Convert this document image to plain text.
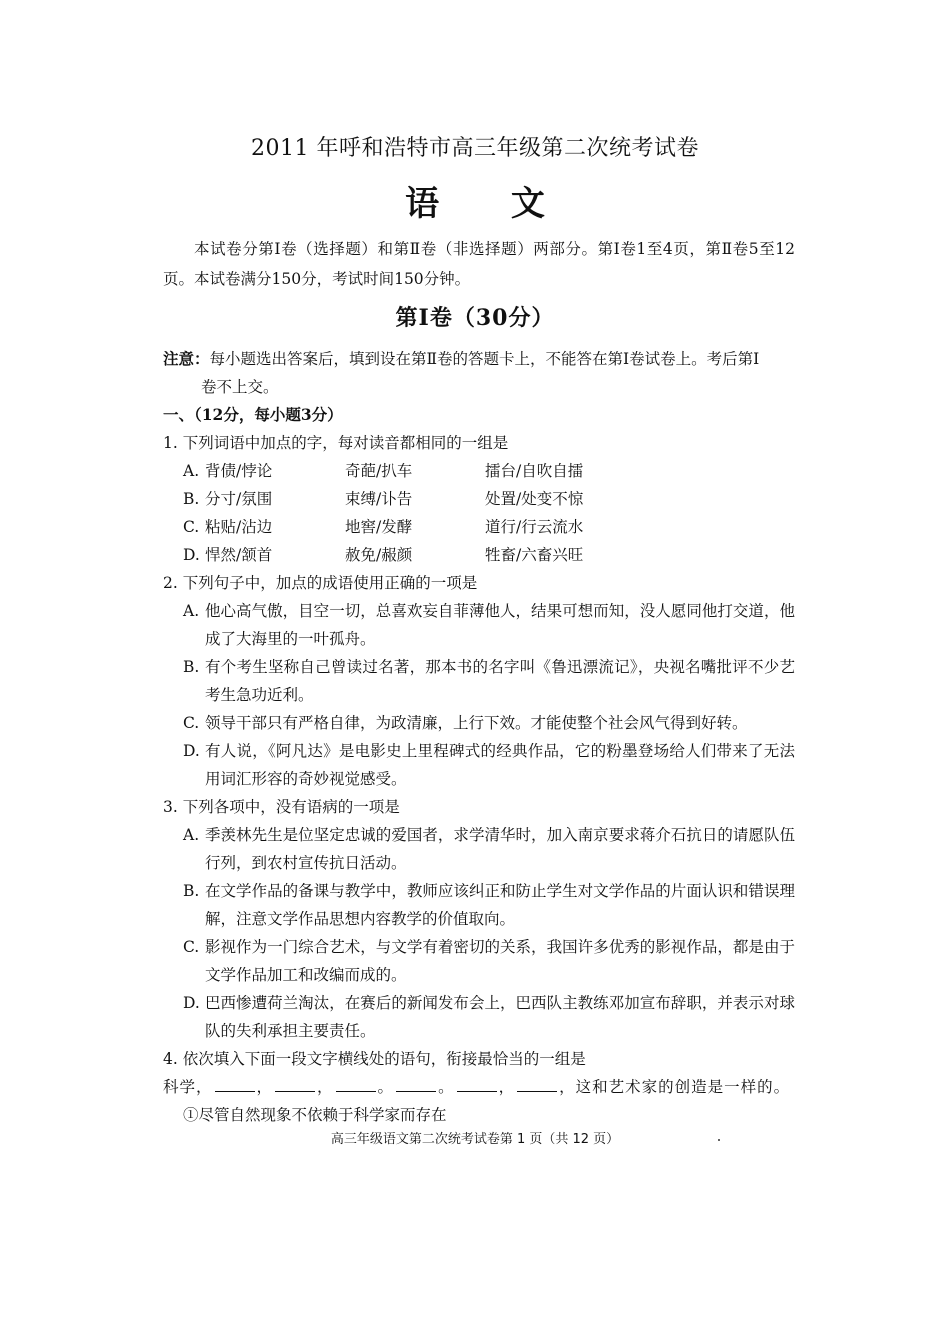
2011 年呼和浩特市高三年级第二次统考试卷
语 文
本试卷分第Ⅰ卷（选择题）和第Ⅱ卷（非选择题）两部分。第Ⅰ卷1至4页，第Ⅱ卷5至12页。本试卷满分150分，考试时间150分钟。
第Ⅰ卷（30分）
注意：每小题选出答案后，填到设在第Ⅱ卷的答题卡上，不能答在第Ⅰ卷试卷上。考后第Ⅰ
卷不上交。
一、（12分，每小题3分）
1. 下列词语中加点的字，每对读音都相同的一组是
A. 背债/悖论	奇葩/扒车	擂台/自吹自擂
B. 分寸/氛围	束缚/讣告	处置/处变不惊
C. 粘贴/沾边	地窖/发酵	道行/行云流水
D. 悍然/颔首	赦免/赧颜	牲畜/六畜兴旺
2. 下列句子中，加点的成语使用正确的一项是
A. 他心高气傲，目空一切，总喜欢妄自菲薄他人，结果可想而知，没人愿同他打交道，他成了大海里的一叶孤舟。
B. 有个考生坚称自己曾读过名著，那本书的名字叫《鲁迅漂流记》，央视名嘴批评不少艺考生急功近利。
C. 领导干部只有严格自律，为政清廉，上行下效。才能使整个社会风气得到好转。
D. 有人说，《阿凡达》是电影史上里程碑式的经典作品，它的粉墨登场给人们带来了无法用词汇形容的奇妙视觉感受。
3. 下列各项中，没有语病的一项是
A. 季羡林先生是位坚定忠诚的爱国者，求学清华时，加入南京要求蒋介石抗日的请愿队伍行列，到农村宣传抗日活动。
B. 在文学作品的备课与教学中，教师应该纠正和防止学生对文学作品的片面认识和错误理解，注意文学作品思想内容教学的价值取向。
C. 影视作为一门综合艺术，与文学有着密切的关系，我国许多优秀的影视作品，都是由于文学作品加工和改编而成的。
D. 巴西惨遭荷兰淘汰，在赛后的新闻发布会上，巴西队主教练邓加宣布辞职，并表示对球队的失利承担主要责任。
4. 依次填入下面一段文字横线处的语句，衔接最恰当的一组是
科学，	，	，	。	。	，	，这和艺术家的创造是一样的。
①尽管自然现象不依赖于科学家而存在
高三年级语文第二次统考试卷第 1 页（共 12 页）
